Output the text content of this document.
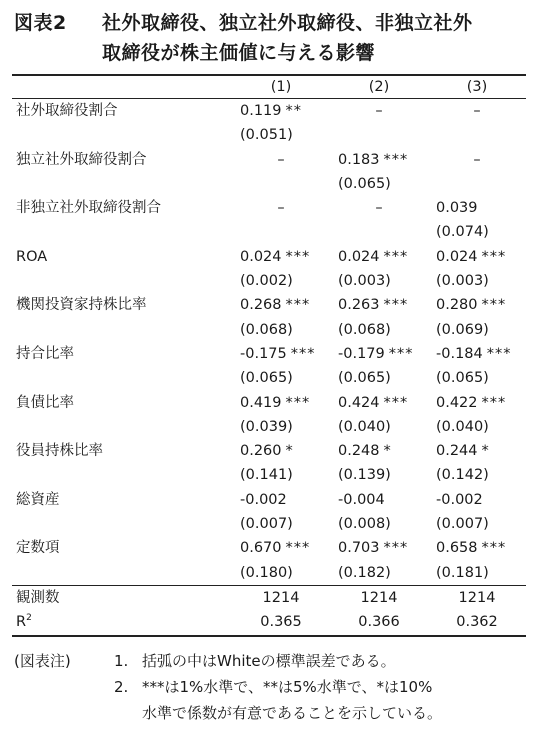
図表2 社外取締役、独立社外取締役、非独立社外
取締役が株主価値に与える影響
	(1)	(2)	(3)
社外取締役割合	0.119 **	–	–
	(0.051)		
独立社外取締役割合	–	0.183 ***	–
		(0.065)	
非独立社外取締役割合	–	–	0.039
			(0.074)
ROA	0.024 ***	0.024 ***	0.024 ***
	(0.002)	(0.003)	(0.003)
機関投資家持株比率	0.268 ***	0.263 ***	0.280 ***
	(0.068)	(0.068)	(0.069)
持合比率	-0.175 ***	-0.179 ***	-0.184 ***
	(0.065)	(0.065)	(0.065)
負債比率	0.419 ***	0.424 ***	0.422 ***
	(0.039)	(0.040)	(0.040)
役員持株比率	0.260 *	0.248 *	0.244 *
	(0.141)	(0.139)	(0.142)
総資産	-0.002	-0.004	-0.002
	(0.007)	(0.008)	(0.007)
定数項	0.670 ***	0.703 ***	0.658 ***
	(0.180)	(0.182)	(0.181)
観測数	1214	1214	1214
$R^2$	0.365	0.366	0.362
(図表注)	1. 括弧の中はWhiteの標準誤差である。
2. ***は1%水準で、**は5%水準で、*は10%
水準で係数が有意であることを示している。
